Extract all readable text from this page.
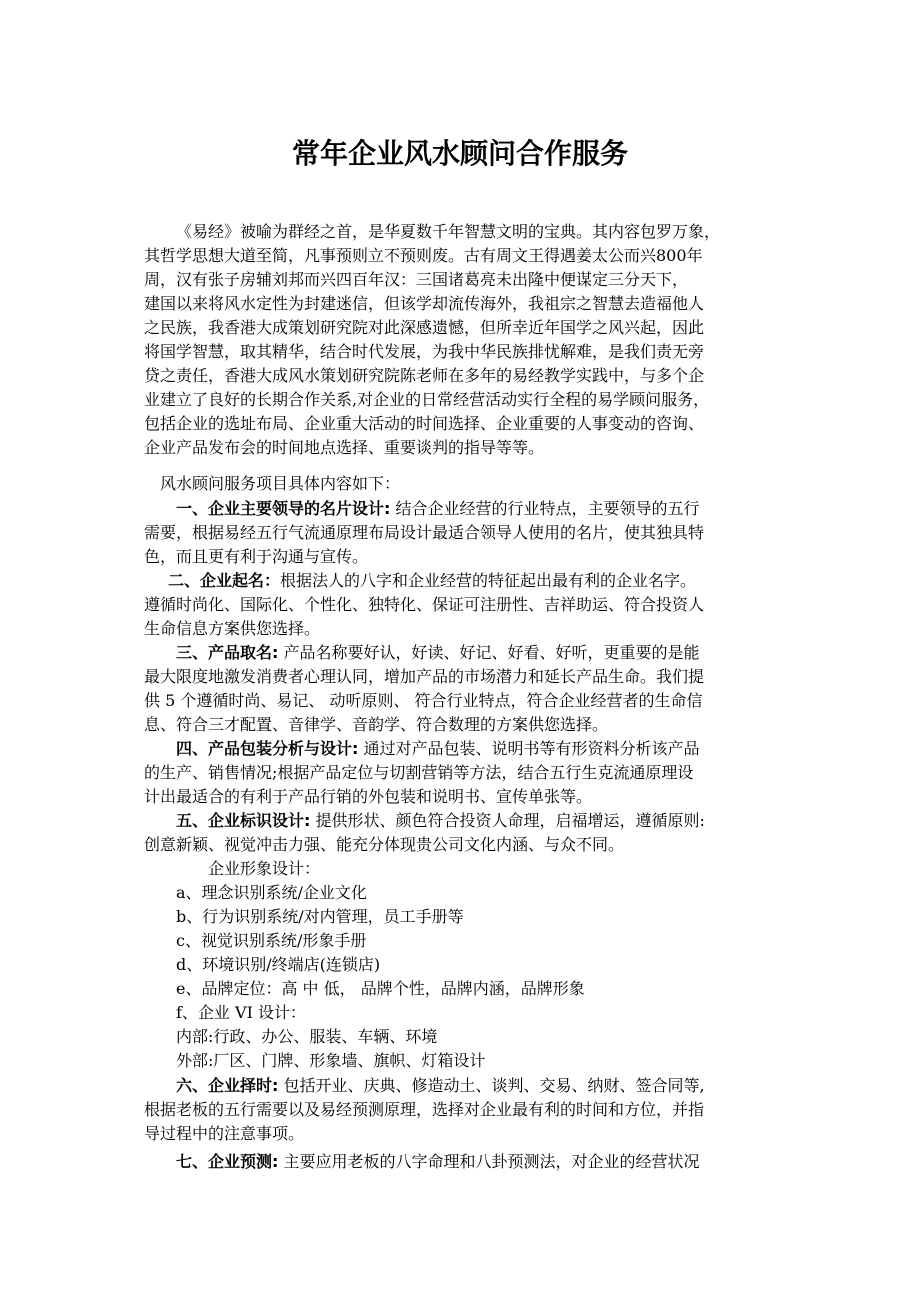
常年企业风水顾问合作服务
《易经》被喻为群经之首，是华夏数千年智慧文明的宝典。其内容包罗万象，
其哲学思想大道至简，凡事预则立不预则废。古有周文王得遇姜太公而兴800年
周，汉有张子房辅刘邦而兴四百年汉：三国诸葛亮未出隆中便谋定三分天下，
建国以来将风水定性为封建迷信，但该学却流传海外，我祖宗之智慧去造福他人
之民族，我香港大成策划研究院对此深感遗憾，但所幸近年国学之风兴起，因此
将国学智慧，取其精华，结合时代发展，为我中华民族排忧解难，是我们责无旁
贷之责任，香港大成风水策划研究院陈老师在多年的易经教学实践中，与多个企
业建立了良好的长期合作关系,对企业的日常经营活动实行全程的易学顾问服务，
包括企业的选址布局、企业重大活动的时间选择、企业重要的人事变动的咨询、
企业产品发布会的时间地点选择、重要谈判的指导等等。
风水顾问服务项目具体内容如下：
一、企业主要领导的名片设计: 结合企业经营的行业特点，主要领导的五行
需要，根据易经五行气流通原理布局设计最适合领导人使用的名片，使其独具特
色，而且更有利于沟通与宣传。
二、企业起名：根据法人的八字和企业经营的特征起出最有利的企业名字。
遵循时尚化、国际化、个性化、独特化、保证可注册性、吉祥助运、符合投资人
生命信息方案供您选择。
三、产品取名: 产品名称要好认，好读、好记、好看、好听，更重要的是能
最大限度地激发消费者心理认同，增加产品的市场潜力和延长产品生命。我们提
供 5 个遵循时尚、易记、 动听原则、 符合行业特点，符合企业经营者的生命信
息、符合三才配置、音律学、音韵学、符合数理的方案供您选择。
四、产品包装分析与设计: 通过对产品包装、说明书等有形资料分析该产品
的生产、销售情况;根据产品定位与切割营销等方法，结合五行生克流通原理设
计出最适合的有利于产品行销的外包装和说明书、宣传单张等。
五、企业标识设计: 提供形状、颜色符合投资人命理，启福增运，遵循原则:
创意新颖、视觉冲击力强、能充分体现贵公司文化内涵、与众不同。
企业形象设计：
a、理念识别系统/企业文化
b、行为识别系统/对内管理，员工手册等
c、视觉识别系统/形象手册
d、环境识别/终端店(连锁店)
e、品牌定位：高 中 低， 品牌个性，品牌内涵，品牌形象
f、企业 VI 设计：
内部:行政、办公、服装、车辆、环境
外部:厂区、门牌、形象墙、旗帜、灯箱设计
六、企业择时: 包括开业、庆典、修造动土、谈判、交易、纳财、签合同等,
根据老板的五行需要以及易经预测原理，选择对企业最有利的时间和方位，并指
导过程中的注意事项。
七、企业预测: 主要应用老板的八字命理和八卦预测法，对企业的经营状况
